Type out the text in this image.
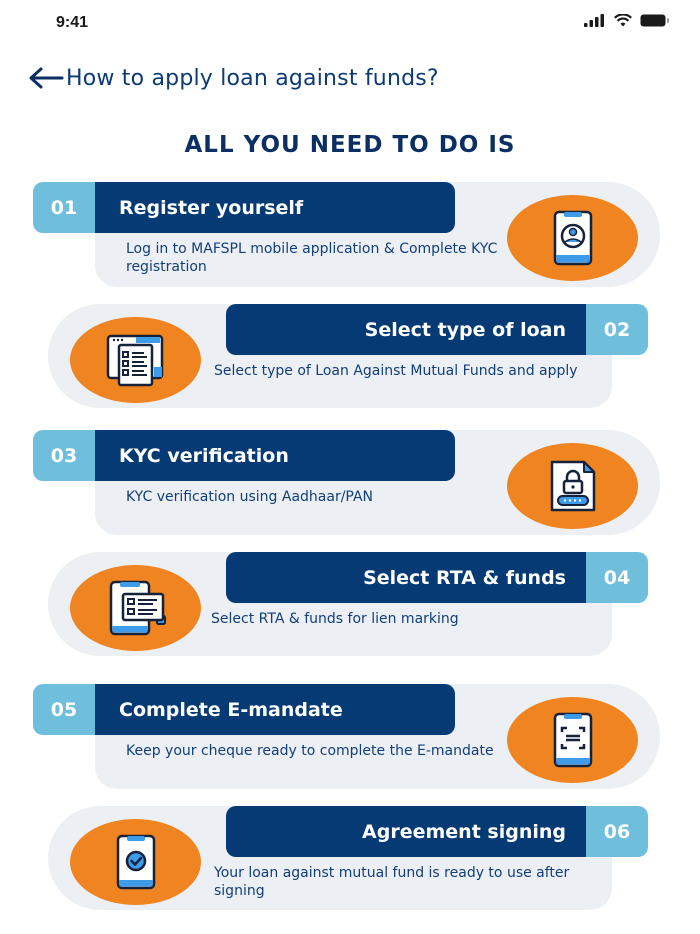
9:41
How to apply loan against funds?
ALL YOU NEED TO DO IS
01	Register yourself
Log in to MAFSPL mobile application & Complete KYC registration
02
Select type of loan
Select type of Loan Against Mutual Funds and apply
03	KYC verification
KYC verification using Aadhaar/PAN
04
Select RTA & funds
Select RTA & funds for lien marking
05	Complete E-mandate
Keep your cheque ready to complete the E-mandate
06
Agreement signing
Your loan against mutual fund is ready to use after signing
